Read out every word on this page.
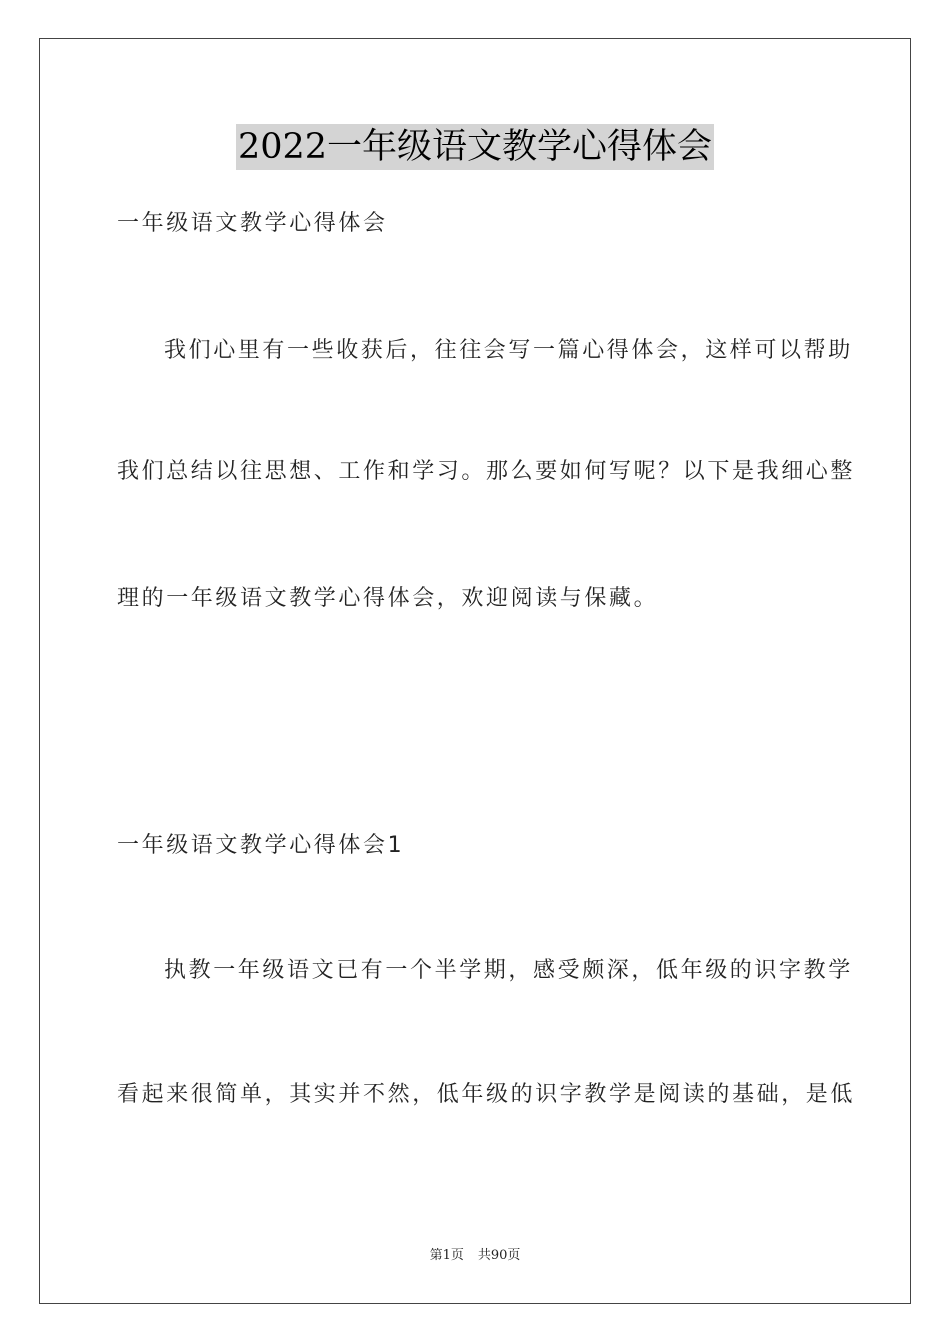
2022一年级语文教学心得体会
一年级语文教学心得体会
我们心里有一些收获后，往往会写一篇心得体会，这样可以帮助
我们总结以往思想、工作和学习。那么要如何写呢？以下是我细心整
理的一年级语文教学心得体会，欢迎阅读与保藏。
一年级语文教学心得体会1
执教一年级语文已有一个半学期，感受颇深，低年级的识字教学
看起来很简单，其实并不然，低年级的识字教学是阅读的基础，是低
第1页 共90页
